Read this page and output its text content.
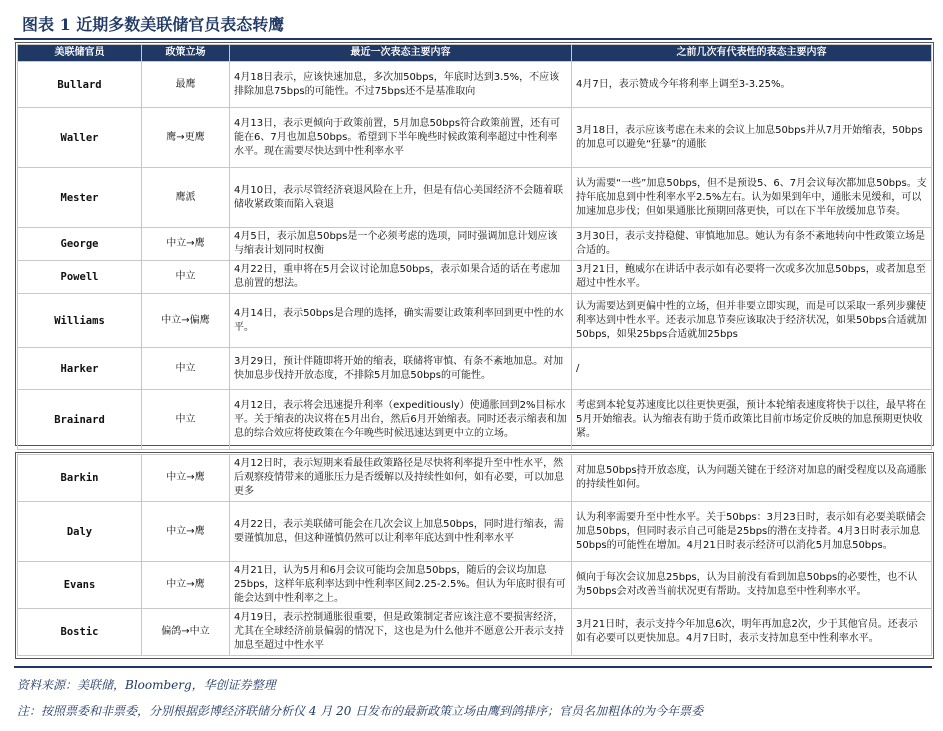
图表 1 近期多数美联储官员表态转鹰
美联储官员	政策立场	最近一次表态主要内容	之前几次有代表性的表态主要内容
Bullard	最鹰	4月18日表示，应该快速加息，多次加50bps，年底时达到3.5%，不应该排除加息75bps的可能性。不过75bps还不是基准取向	4月7日，表示赞成今年将利率上调至3-3.25%。
Waller	鹰→更鹰	4月13日，表示更倾向于政策前置，5月加息50bps符合政策前置，还有可能在6、7月也加息50bps。希望到下半年晚些时候政策利率超过中性利率水平。现在需要尽快达到中性利率水平	3月18日，表示应该考虑在未来的会议上加息50bps并从7月开始缩表，50bps的加息可以避免“狂暴”的通胀
Mester	鹰派	4月10日，表示尽管经济衰退风险在上升，但是有信心美国经济不会随着联储收紧政策而陷入衰退	认为需要“一些”加息50bps，但不是预设5、6、7月会议每次都加息50bps。支持年底加息到中性利率水平2.5%左右。认为如果到年中，通胀未见缓和，可以加速加息步伐；但如果通胀比预期回落更快，可以在下半年放缓加息节奏。
George	中立→鹰	4月5日，表示加息50bps是一个必须考虑的选项，同时强调加息计划应该与缩表计划同时权衡	3月30日，表示支持稳健、审慎地加息。她认为有条不紊地转向中性政策立场是合适的。
Powell	中立	4月22日，重申将在5月会议讨论加息50bps，表示如果合适的话在考虑加息前置的想法。	3月21日，鲍威尔在讲话中表示如有必要将一次或多次加息50bps，或者加息至超过中性水平。
Williams	中立→偏鹰	4月14日，表示50bps是合理的选择，确实需要让政策利率回到更中性的水平。	认为需要达到更偏中性的立场，但并非要立即实现，而是可以采取一系列步骤使利率达到中性水平。还表示加息节奏应该取决于经济状况，如果50bps合适就加50bps，如果25bps合适就加25bps
Harker	中立	3月29日，预计伴随即将开始的缩表，联储将审慎、有条不紊地加息。对加快加息步伐持开放态度，不排除5月加息50bps的可能性。	/
Brainard	中立	4月12日，表示将会迅速提升利率（expeditiously）使通胀回到2%目标水平。关于缩表的决议将在5月出台，然后6月开始缩表。同时还表示缩表和加息的综合效应将使政策在今年晚些时候迅速达到更中立的立场。	考虑到本轮复苏速度比以往更快更强，预计本轮缩表速度将快于以往，最早将在5月开始缩表。认为缩表有助于货币政策比目前市场定价反映的加息预期更快收紧。
Barkin	中立→鹰	4月12日时，表示短期来看最佳政策路径是尽快将利率提升至中性水平，然后观察疫情带来的通胀压力是否缓解以及持续性如何，如有必要，可以加息更多	对加息50bps持开放态度，认为问题关键在于经济对加息的耐受程度以及高通胀的持续性如何。
Daly	中立→鹰	4月22日，表示美联储可能会在几次会议上加息50bps，同时进行缩表，需要谨慎加息，但这种谨慎仍然可以让利率年底达到中性利率水平	认为利率需要升至中性水平。关于50bps：3月23日时，表示如有必要美联储会加息50bps，但同时表示自己可能是25bps的潜在支持者。4月3日时表示加息50bps的可能性在增加。4月21日时表示经济可以消化5月加息50bps。
Evans	中立→鹰	4月21日，认为5月和6月会议可能均会加息50bps，随后的会议均加息25bps，这样年底利率达到中性利率区间2.25-2.5%。但认为年底时很有可能会达到中性利率之上。	倾向于每次会议加息25bps，认为目前没有看到加息50bps的必要性，也不认为50bps会对改善当前状况更有帮助。支持加息至中性利率水平。
Bostic	偏鸽→中立	4月19日，表示控制通胀很重要，但是政策制定者应该注意不要损害经济，尤其在全球经济前景偏弱的情况下，这也是为什么他并不愿意公开表示支持加息至超过中性水平	3月21日时，表示支持今年加息6次，明年再加息2次，少于其他官员。还表示如有必要可以更快加息。4月7日时，表示支持加息至中性利率水平。
资料来源：美联储，Bloomberg，华创证券整理
注：按照票委和非票委，分别根据彭博经济联储分析仪 4 月 20 日发布的最新政策立场由鹰到鸽排序；官员名加粗体的为今年票委
